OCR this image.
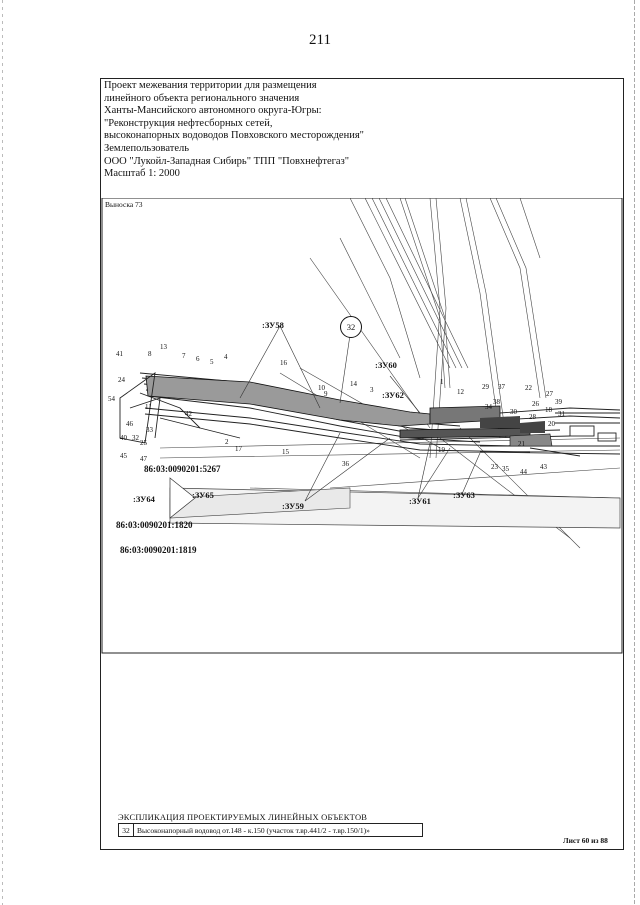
211
Проект межевания территории для размещения
линейного объекта регионального значения
Ханты-Мансийского автономного округа-Югры:
"Реконструкция нефтесборных сетей,
высоконапорных водоводов Повховского месторождения"
Землепользователь
ООО "Лукойл-Западная Сибирь" ТПП "Повхнефтегаз"
Масштаб 1: 2000
Выноска 73
:ЗУ58
:ЗУ60
:ЗУ62
:ЗУ64	:ЗУ65
:ЗУ59	:ЗУ61
:ЗУ63
32
86:03:0090201:5267
86:03:0090201:1820
86:03:0090201:1819
41
24
8
13
7 6 5
4
16
54
11
14
3	12
36
40 32
25
45 47
17	15
10
9
2
42
43
44
26
19
23
20
18
28
1
37
35
21
22
29
34
30
27
39
38
33
31
46
ЭКСПЛИКАЦИЯ ПРОЕКТИРУЕМЫХ ЛИНЕЙНЫХ ОБЪЕКТОВ
32 Высоконапорный водовод от.148 - к.150 (участок т.вр.441/2 - т.вр.150/1)»
Лист 60 из 88
